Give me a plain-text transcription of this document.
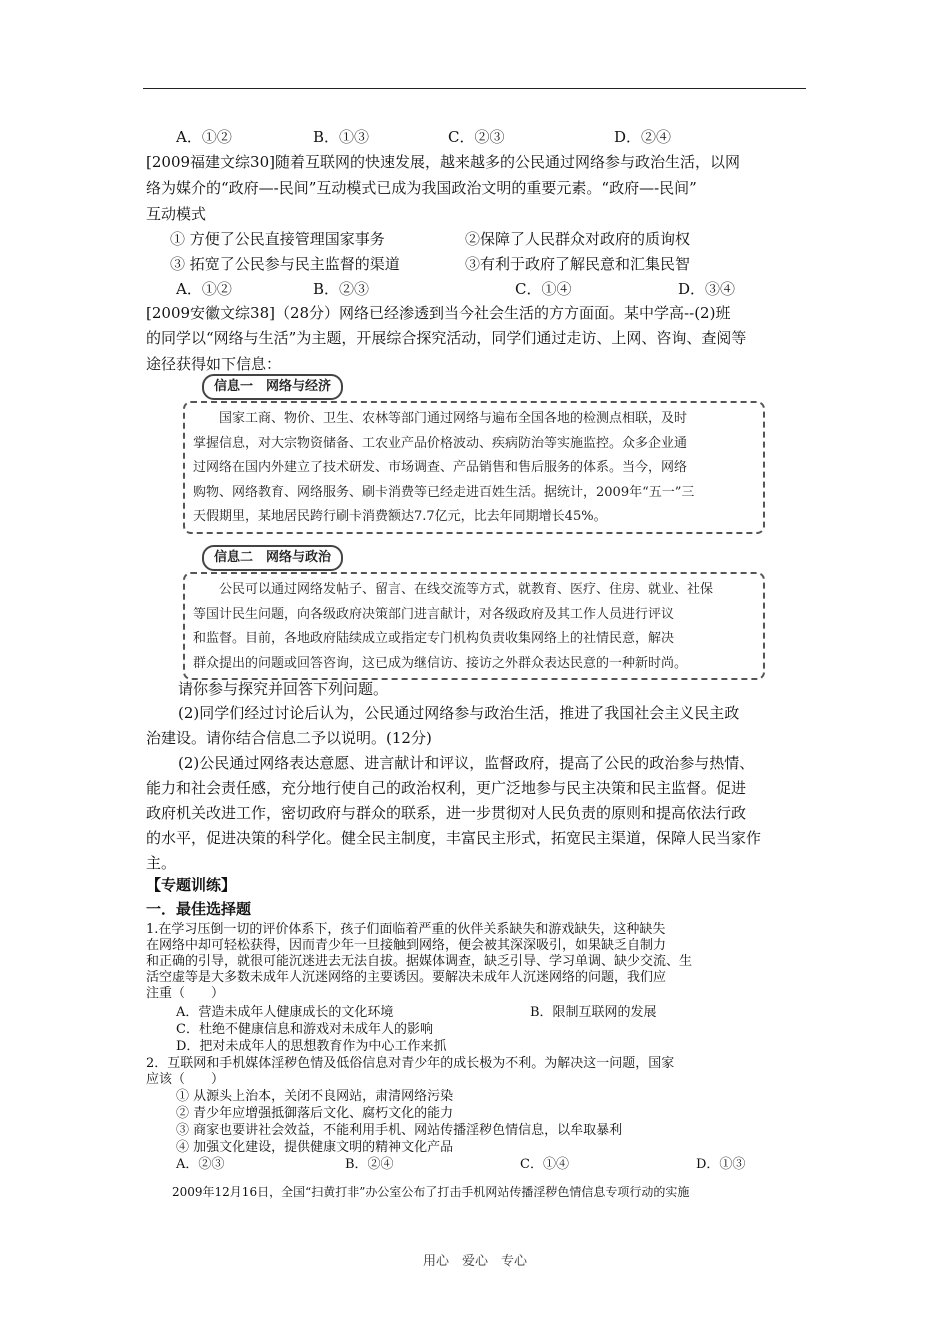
A．①②	B．①③	C．②③	D．②④
[2009福建文综30]随着互联网的快速发展，越来越多的公民通过网络参与政治生活，以网
络为媒介的“政府—-民间”互动模式已成为我国政治文明的重要元素。“政府—-民间”
互动模式
① 方便了公民直接管理国家事务	②保障了人民群众对政府的质询权
③ 拓宽了公民参与民主监督的渠道	③有利于政府了解民意和汇集民智
A．①②	B．②③	C．①④	D．③④
[2009安徽文综38]（28分）网络已经渗透到当今社会生活的方方面面。某中学高--(2)班
的同学以“网络与生活”为主题，开展综合探究活动，同学们通过走访、上网、咨询、查阅等
途径获得如下信息：
信息一　网络与经济
国家工商、物价、卫生、农林等部门通过网络与遍布全国各地的检测点相联，及时
掌握信息，对大宗物资储备、工农业产品价格波动、疾病防治等实施监控。众多企业通
过网络在国内外建立了技术研发、市场调查、产品销售和售后服务的体系。当今，网络
购物、网络教育、网络服务、刷卡消费等已经走进百姓生活。据统计，2009年“五一”三
天假期里，某地居民跨行刷卡消费额达7.7亿元，比去年同期增长45%。
信息二　网络与政治
公民可以通过网络发帖子、留言、在线交流等方式，就教育、医疗、住房、就业、社保
等国计民生问题，向各级政府决策部门进言献计，对各级政府及其工作人员进行评议
和监督。目前，各地政府陆续成立或指定专门机构负责收集网络上的社情民意，解决
群众提出的问题或回答咨询，这已成为继信访、接访之外群众表达民意的一种新时尚。
请你参与探究并回答下列问题。
(2)同学们经过讨论后认为，公民通过网络参与政治生活，推进了我国社会主义民主政
治建设。请你结合信息二予以说明。(12分)
(2)公民通过网络表达意愿、进言献计和评议，监督政府，提高了公民的政治参与热情、
能力和社会责任感，充分地行使自己的政治权利，更广泛地参与民主决策和民主监督。促进
政府机关改进工作，密切政府与群众的联系，进一步贯彻对人民负责的原则和提高依法行政
的水平，促进决策的科学化。健全民主制度，丰富民主形式，拓宽民主渠道，保障人民当家作
主。
【专题训练】
一．最佳选择题
1.在学习压倒一切的评价体系下，孩子们面临着严重的伙伴关系缺失和游戏缺失，这种缺失
在网络中却可轻松获得，因而青少年一旦接触到网络，便会被其深深吸引，如果缺乏自制力
和正确的引导，就很可能沉迷进去无法自拔。据媒体调查，缺乏引导、学习单调、缺少交流、生
活空虚等是大多数未成年人沉迷网络的主要诱因。要解决未成年人沉迷网络的问题，我们应
注重（　　）
A．营造未成年人健康成长的文化环境	B．限制互联网的发展
C．杜绝不健康信息和游戏对未成年人的影响
D．把对未成年人的思想教育作为中心工作来抓
2．互联网和手机媒体淫秽色情及低俗信息对青少年的成长极为不利。为解决这一问题，国家
应该（　　）
① 从源头上治本，关闭不良网站，肃清网络污染
② 青少年应增强抵御落后文化、腐朽文化的能力
③ 商家也要讲社会效益，不能利用手机、网站传播淫秽色情信息，以牟取暴利
④ 加强文化建设，提供健康文明的精神文化产品
A．②③	B．②④	C．①④	D．①③
2009年12月16日，全国“扫黄打非”办公室公布了打击手机网站传播淫秽色情信息专项行动的实施
用心　爱心　专心
